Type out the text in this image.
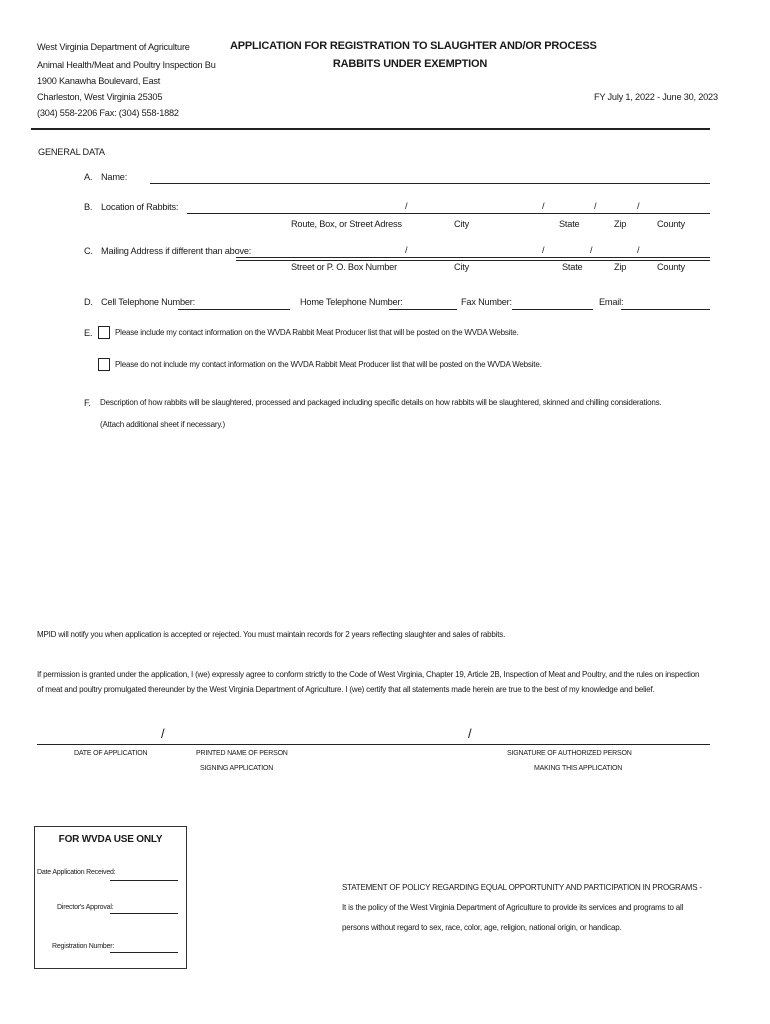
West Virginia Department of Agriculture
Animal Health/Meat and Poultry Inspection Bu
1900 Kanawha Boulevard, East
Charleston, West Virginia 25305
(304) 558-2206 Fax: (304) 558-1882
APPLICATION FOR REGISTRATION TO SLAUGHTER AND/OR PROCESS
RABBITS UNDER EXEMPTION
FY July 1, 2022 - June 30, 2023
GENERAL DATA
A. Name:
B. Location of Rabbits:	/	/	/	/
Route, Box, or Street Adress	City	State	Zip	County
C. Mailing Address if different than above:	/	/	/	/
Street or P. O. Box Number	City	State	Zip	County
D. Cell Telephone Number:	Home Telephone Number:	Fax Number:	Email:
E.	Please include my contact information on the WVDA Rabbit Meat Producer list that will be posted on the WVDA Website.
Please do not include my contact information on the WVDA Rabbit Meat Producer list that will be posted on the WVDA Website.
F. Description of how rabbits will be slaughtered, processed and packaged including specific details on how rabbits will be slaughtered, skinned and chilling considerations.
(Attach additional sheet if necessary.)
MPID will notify you when application is accepted or rejected. You must maintain records for 2 years reflecting slaughter and sales of rabbits.
If permission is granted under the application, I (we) expressly agree to conform strictly to the Code of West Virginia, Chapter 19, Article 2B, Inspection of Meat and Poultry, and the rules on inspection
of meat and poultry promulgated thereunder by the West Virginia Department of Agriculture. I (we) certify that all statements made herein are true to the best of my knowledge and belief.
/	/
DATE OF APPLICATION	PRINTED NAME OF PERSON
SIGNING APPLICATION
SIGNATURE OF AUTHORIZED PERSON
MAKING THIS APPLICATION
FOR WVDA USE ONLY
Date Application Received:
Director's Approval:
Registration Number:
STATEMENT OF POLICY REGARDING EQUAL OPPORTUNITY AND PARTICIPATION IN PROGRAMS -
It is the policy of the West Virginia Department of Agriculture to provide its services and programs to all
persons without regard to sex, race, color, age, religion, national origin, or handicap.
